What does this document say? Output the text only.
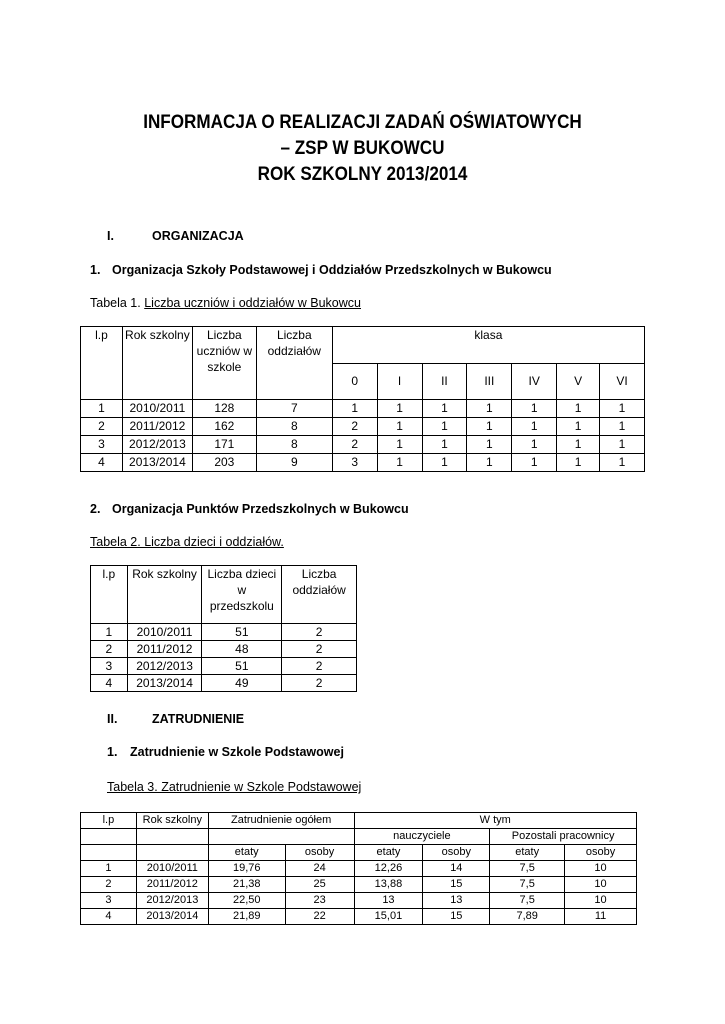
INFORMACJA O REALIZACJI ZADAŃ OŚWIATOWYCH
– ZSP W BUKOWCU
ROK SZKOLNY 2013/2014
I.	ORGANIZACJA
1. Organizacja Szkoły Podstawowej i Oddziałów Przedszkolnych w Bukowcu
Tabela 1. Liczba uczniów i oddziałów w Bukowcu
l.p	Rok szkolny	Liczba uczniów w szkole	Liczba oddziałów	klasa						
				0	I	II	III	IV	V	VI
1	2010/2011	128	7	1	1	1	1	1	1	1
2	2011/2012	162	8	2	1	1	1	1	1	1
3	2012/2013	171	8	2	1	1	1	1	1	1
4	2013/2014	203	9	3	1	1	1	1	1	1
2. Organizacja Punktów Przedszkolnych w Bukowcu
Tabela 2. Liczba dzieci i oddziałów.
l.p	Rok szkolny	Liczba dzieci w przedszkolu	Liczba oddziałów
1	2010/2011	51	2
2	2011/2012	48	2
3	2012/2013	51	2
4	2013/2014	49	2
II.	ZATRUDNIENIE
1. Zatrudnienie w Szkole Podstawowej
Tabela 3. Zatrudnienie w Szkole Podstawowej
l.p	Rok szkolny	Zatrudnienie ogółem		W tym			
				nauczyciele		Pozostali pracownicy	
		etaty	osoby	etaty	osoby	etaty	osoby
1	2010/2011	19,76	24	12,26	14	7,5	10
2	2011/2012	21,38	25	13,88	15	7,5	10
3	2012/2013	22,50	23	13	13	7,5	10
4	2013/2014	21,89	22	15,01	15	7,89	11
